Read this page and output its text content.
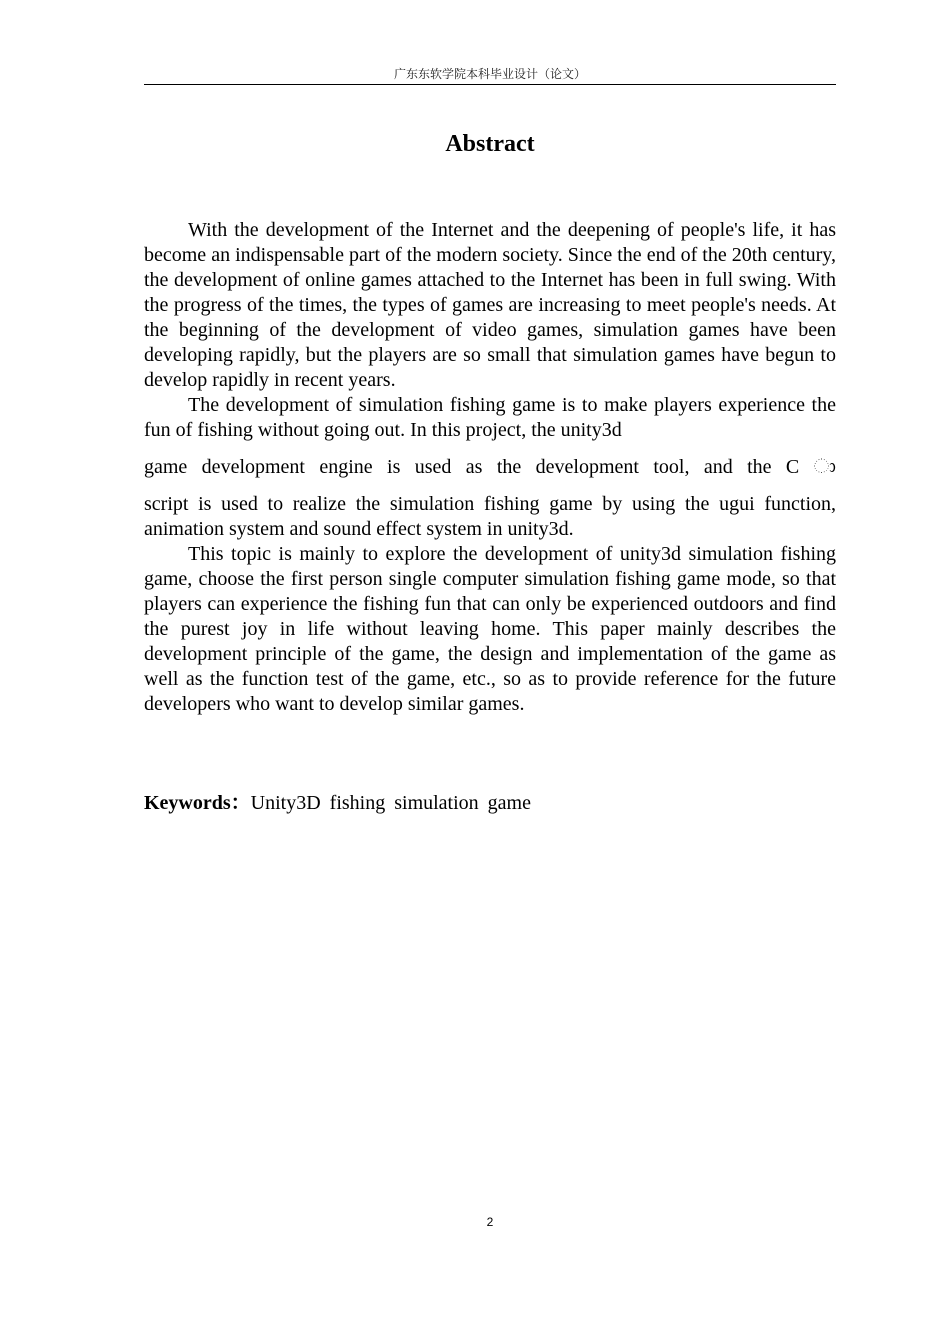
广东东软学院本科毕业设计（论文）
Abstract

With the development of the Internet and the deepening of people's life, it has become an indispensable part of the modern society. Since the end of the 20th century, the development of online games attached to the Internet has been in full swing. With the progress of the times, the types of games are increasing to meet people's needs. At the beginning of the development of video games, simulation games have been developing rapidly, but the players are so small that simulation games have begun to develop rapidly in recent years.

The development of simulation fishing game is to make players experience the fun of fishing without going out. In this project, the unity3d
game development engine is used as the development tool, and the C ා
script is used to realize the simulation fishing game by using the ugui function, animation system and sound effect system in unity3d.

This topic is mainly to explore the development of unity3d simulation fishing game, choose the first person single computer simulation fishing game mode, so that players can experience the fishing fun that can only be experienced outdoors and find the purest joy in life without leaving home. This paper mainly describes the development principle of the game, the design and implementation of the game as well as the function test of the game, etc., so as to provide reference for the future developers who want to develop similar games.

Keywords：Unity3D fishing simulation game
2
